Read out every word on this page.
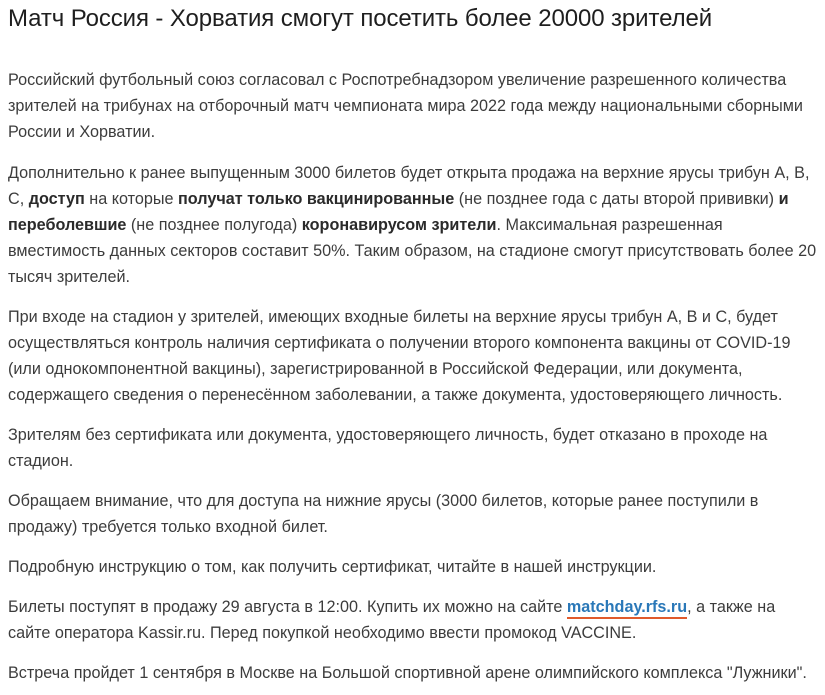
Матч Россия - Хорватия смогут посетить более 20000 зрителей

Российский футбольный союз согласовал с Роспотребнадзором увеличение разрешенного количества зрителей на трибунах на отборочный матч чемпионата мира 2022 года между национальными сборными России и Хорватии.

Дополнительно к ранее выпущенным 3000 билетов будет открыта продажа на верхние ярусы трибун A, B, C, доступ на которые получат только вакцинированные (не позднее года с даты второй прививки) и переболевшие (не позднее полугода) коронавирусом зрители. Максимальная разрешенная вместимость данных секторов составит 50%. Таким образом, на стадионе смогут присутствовать более 20 тысяч зрителей.

При входе на стадион у зрителей, имеющих входные билеты на верхние ярусы трибун A, B и C, будет осуществляться контроль наличия сертификата о получении второго компонента вакцины от COVID-19 (или однокомпонентной вакцины), зарегистрированной в Российской Федерации, или документа, содержащего сведения о перенесённом заболевании, а также документа, удостоверяющего личность.

Зрителям без сертификата или документа, удостоверяющего личность, будет отказано в проходе на стадион.

Обращаем внимание, что для доступа на нижние ярусы (3000 билетов, которые ранее поступили в продажу) требуется только входной билет.

Подробную инструкцию о том, как получить сертификат, читайте в нашей инструкции.

Билеты поступят в продажу 29 августа в 12:00. Купить их можно на сайте matchday.rfs.ru, а также на сайте оператора Kassir.ru. Перед покупкой необходимо ввести промокод VACCINE.

Встреча пройдет 1 сентября в Москве на Большой спортивной арене олимпийского комплекса "Лужники".
